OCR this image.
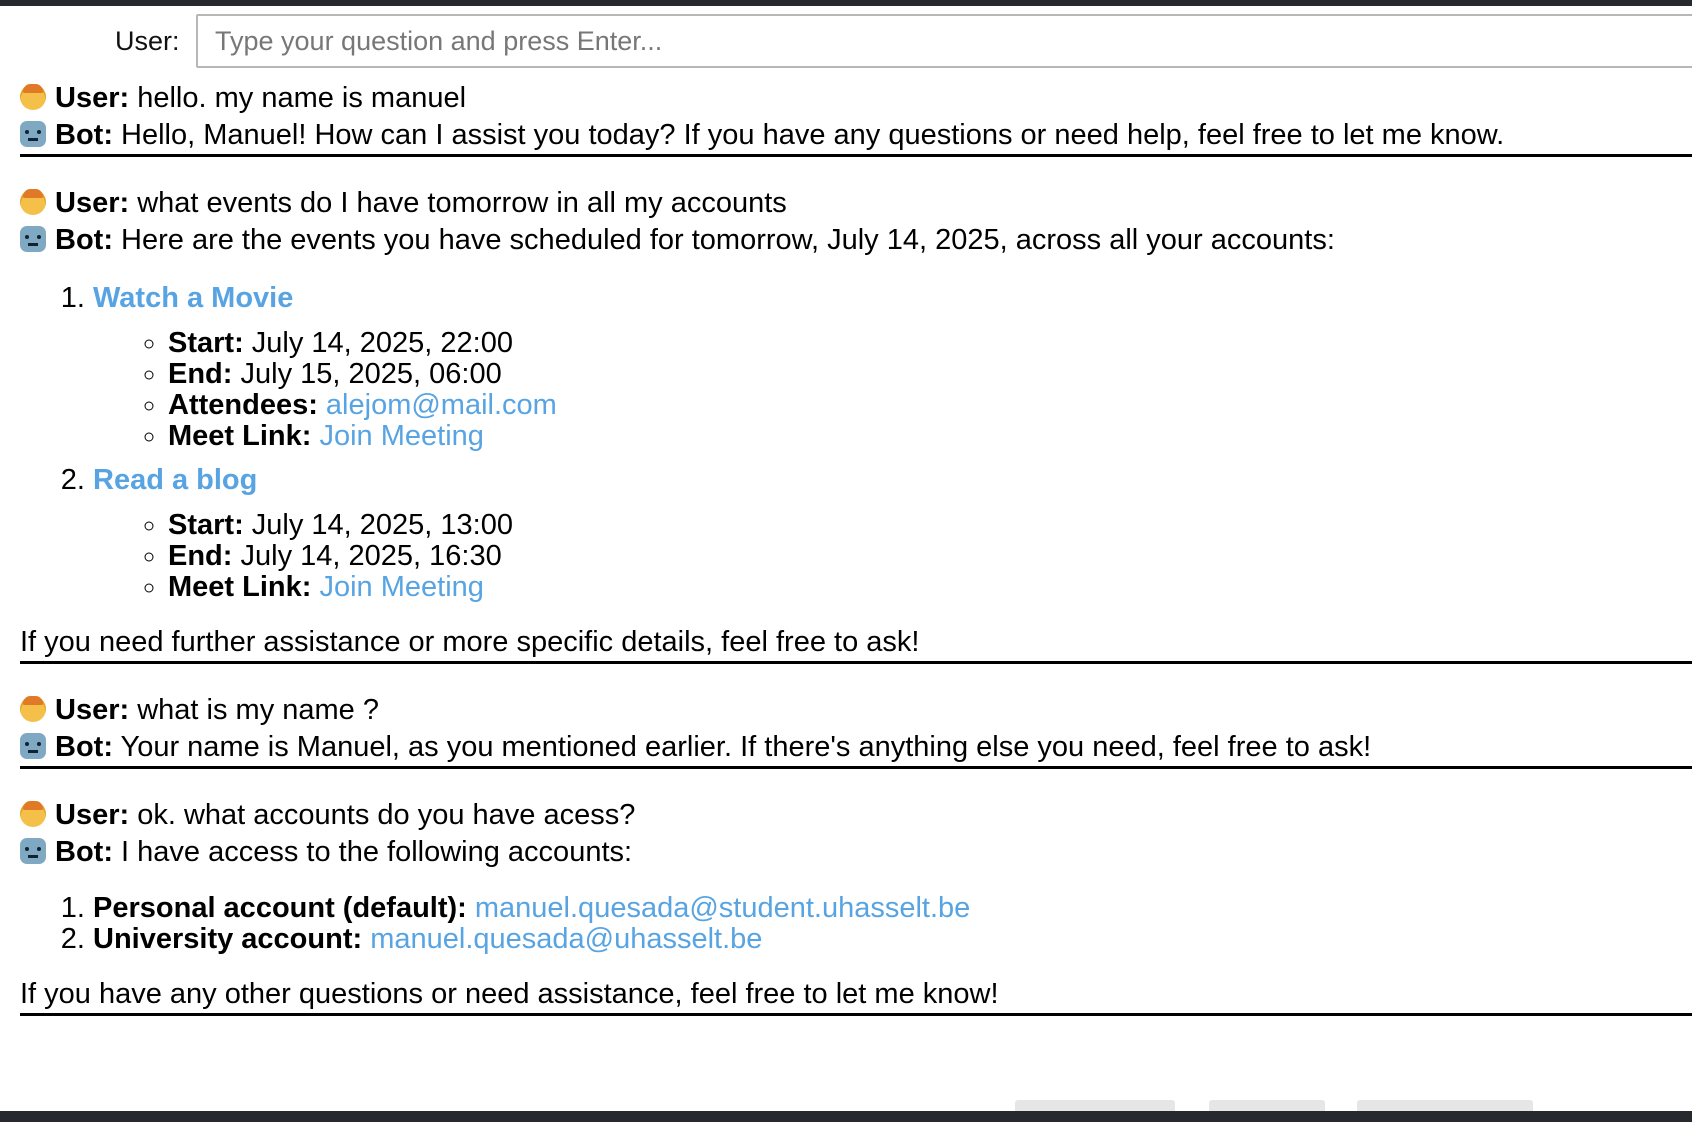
User:
Type your question and press Enter...
User: hello. my name is manuel
Bot: Hello, Manuel! How can I assist you today? If you have any questions or need help, feel free to let me know.
User: what events do I have tomorrow in all my accounts
Bot: Here are the events you have scheduled for tomorrow, July 14, 2025, across all your accounts:
1. Watch a Movie
◦ Start: July 14, 2025, 22:00
◦ End: July 15, 2025, 06:00
◦ Attendees: alejom@mail.com
◦ Meet Link: Join Meeting
2. Read a blog
◦ Start: July 14, 2025, 13:00
◦ End: July 14, 2025, 16:30
◦ Meet Link: Join Meeting
If you need further assistance or more specific details, feel free to ask!
User: what is my name ?
Bot: Your name is Manuel, as you mentioned earlier. If there's anything else you need, feel free to ask!
User: ok. what accounts do you have acess?
Bot: I have access to the following accounts:
1. Personal account (default): manuel.quesada@student.uhasselt.be
2. University account: manuel.quesada@uhasselt.be
If you have any other questions or need assistance, feel free to let me know!
